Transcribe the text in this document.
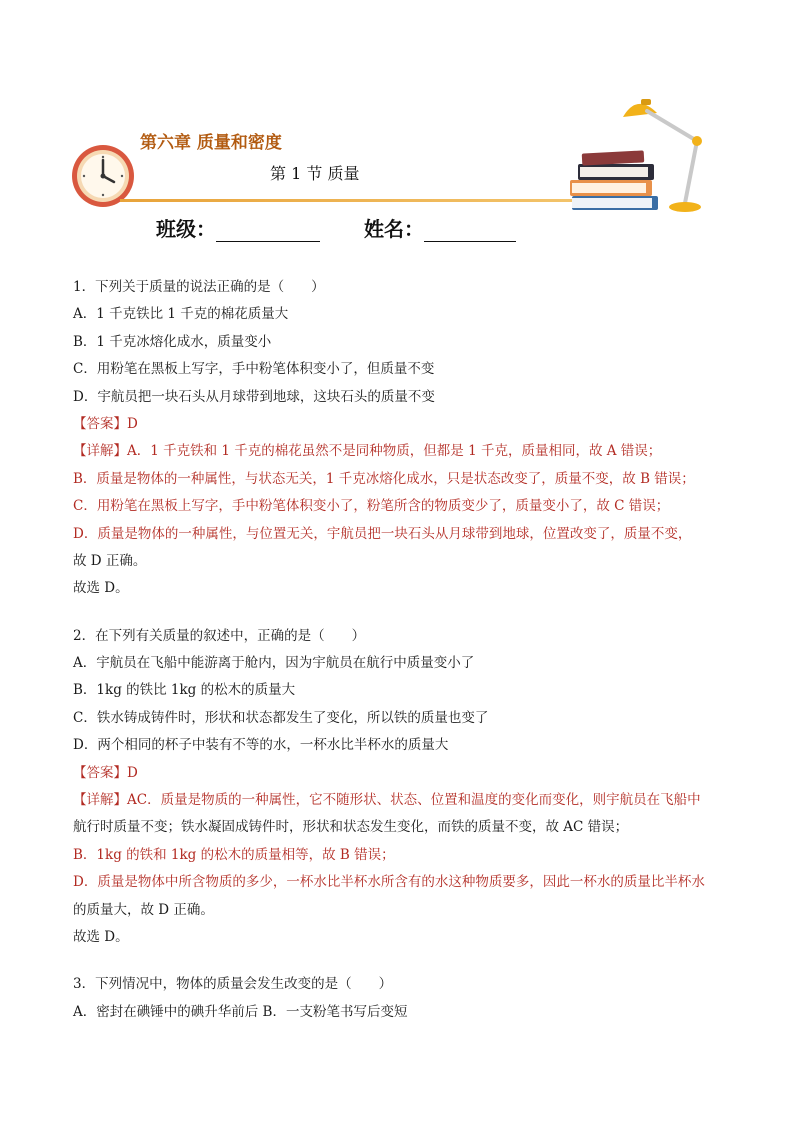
第六章 质量和密度
第 1 节 质量
班级：	姓名：
1．下列关于质量的说法正确的是（　　）
A．1 千克铁比 1 千克的棉花质量大
B．1 千克冰熔化成水，质量变小
C．用粉笔在黑板上写字，手中粉笔体积变小了，但质量不变
D．宇航员把一块石头从月球带到地球，这块石头的质量不变
【答案】D
【详解】A．1 千克铁和 1 千克的棉花虽然不是同种物质，但都是 1 千克，质量相同，故 A 错误；
B．质量是物体的一种属性，与状态无关，1 千克冰熔化成水，只是状态改变了，质量不变，故 B 错误；
C．用粉笔在黑板上写字，手中粉笔体积变小了，粉笔所含的物质变少了，质量变小了，故 C 错误；
D．质量是物体的一种属性，与位置无关，宇航员把一块石头从月球带到地球，位置改变了，质量不变，
故 D 正确。
故选 D。
2．在下列有关质量的叙述中，正确的是（　　）
A．宇航员在飞船中能游离于舱内，因为宇航员在航行中质量变小了
B．1kg 的铁比 1kg 的松木的质量大
C．铁水铸成铸件时，形状和状态都发生了变化，所以铁的质量也变了
D．两个相同的杯子中装有不等的水，一杯水比半杯水的质量大
【答案】D
【详解】AC．质量是物质的一种属性，它不随形状、状态、位置和温度的变化而变化，则宇航员在飞船中
航行时质量不变；铁水凝固成铸件时，形状和状态发生变化，而铁的质量不变，故 AC 错误；
B．1kg 的铁和 1kg 的松木的质量相等，故 B 错误；
D．质量是物体中所含物质的多少，一杯水比半杯水所含有的水这种物质要多，因此一杯水的质量比半杯水
的质量大，故 D 正确。
故选 D。
3．下列情况中，物体的质量会发生改变的是（　　）
A．密封在碘锤中的碘升华前后 B．一支粉笔书写后变短
